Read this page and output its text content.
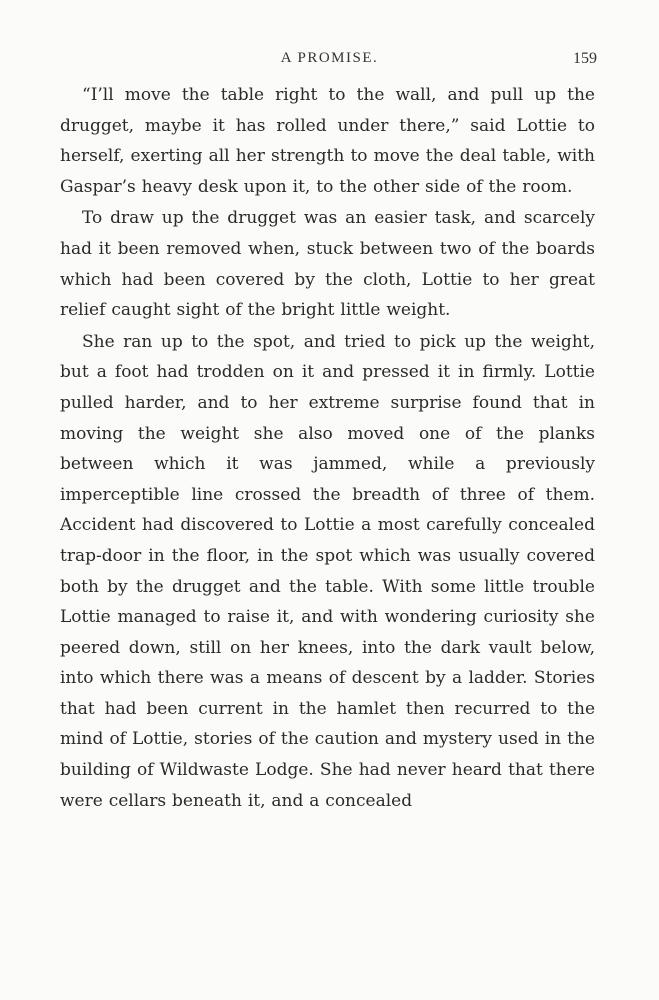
A PROMISE.	159

“I’ll move the table right to the wall, and pull up the drugget, maybe it has rolled under there,” said Lottie to herself, exerting all her strength to move the deal table, with Gaspar’s heavy desk upon it, to the other side of the room.

To draw up the drugget was an easier task, and scarcely had it been removed when, stuck between two of the boards which had been covered by the cloth, Lottie to her great relief caught sight of the bright little weight.

She ran up to the spot, and tried to pick up the weight, but a foot had trodden on it and pressed it in firmly. Lottie pulled harder, and to her extreme surprise found that in moving the weight she also moved one of the planks between which it was jammed, while a previously imperceptible line crossed the breadth of three of them. Accident had discovered to Lottie a most carefully concealed trap-door in the floor, in the spot which was usually covered both by the drugget and the table. With some little trouble Lottie managed to raise it, and with wondering curiosity she peered down, still on her knees, into the dark vault below, into which there was a means of descent by a ladder. Stories that had been current in the hamlet then recurred to the mind of Lottie, stories of the caution and mystery used in the building of Wildwaste Lodge. She had never heard that there were cellars beneath it, and a concealed
